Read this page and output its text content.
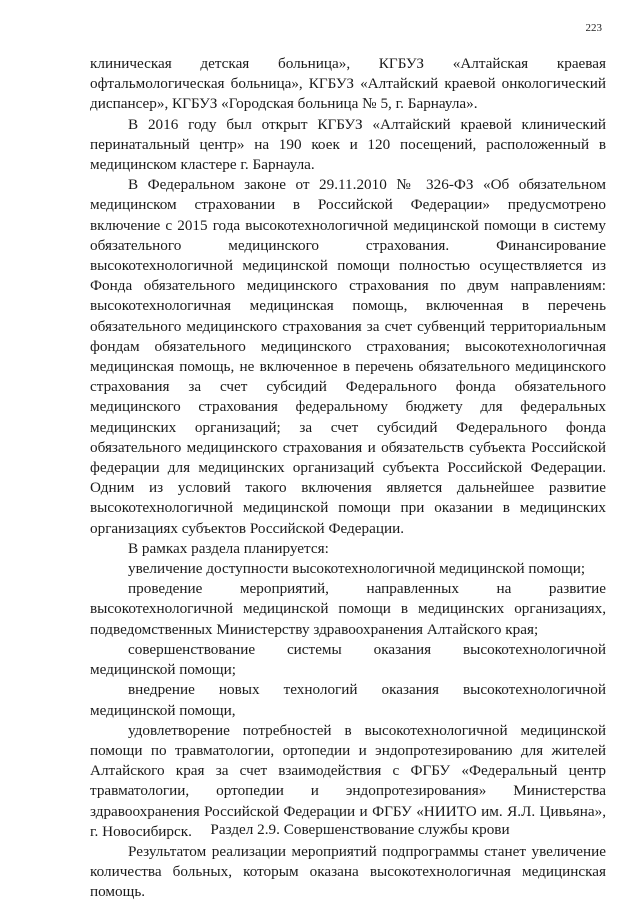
223

клиническая детская больница», КГБУЗ «Алтайская краевая офтальмологическая больница», КГБУЗ «Алтайский краевой онкологический диспансер», КГБУЗ «Городская больница № 5, г. Барнаула».

В 2016 году был открыт КГБУЗ «Алтайский краевой клинический перинатальный центр» на 190 коек и 120 посещений, расположенный в медицинском кластере г. Барнаула.

В Федеральном законе от 29.11.2010 № 326-ФЗ «Об обязательном медицинском страховании в Российской Федерации» предусмотрено включение с 2015 года высокотехнологичной медицинской помощи в систему обязательного медицинского страхования. Финансирование высокотехнологичной медицинской помощи полностью осуществляется из Фонда обязательного медицинского страхования по двум направлениям: высокотехнологичная медицинская помощь, включенная в перечень обязательного медицинского страхования за счет субвенций территориальным фондам обязательного медицинского страхования; высокотехнологичная медицинская помощь, не включенное в перечень обязательного медицинского страхования за счет субсидий Федерального фонда обязательного медицинского страхования федеральному бюджету для федеральных медицинских организаций; за счет субсидий Федерального фонда обязательного медицинского страхования и обязательств субъекта Российской федерации для медицинских организаций субъекта Российской Федерации. Одним из условий такого включения является дальнейшее развитие высокотехнологичной медицинской помощи при оказании в медицинских организациях субъектов Российской Федерации.

В рамках раздела планируется:

увеличение доступности высокотехнологичной медицинской помощи;

проведение мероприятий, направленных на развитие высокотехнологичной медицинской помощи в медицинских организациях, подведомственных Министерству здравоохранения Алтайского края;

совершенствование системы оказания высокотехнологичной медицинской помощи;

внедрение новых технологий оказания высокотехнологичной медицинской помощи,

удовлетворение потребностей в высокотехнологичной медицинской помощи по травматологии, ортопедии и эндопротезированию для жителей Алтайского края за счет взаимодействия с ФГБУ «Федеральный центр травматологии, ортопедии и эндопротезирования» Министерства здравоохранения Российской Федерации и ФГБУ «НИИТО им. Я.Л. Цивьяна», г. Новосибирск.

Результатом реализации мероприятий подпрограммы станет увеличение количества больных, которым оказана высокотехнологичная медицинская помощь.

Раздел 2.9. Совершенствование службы крови
